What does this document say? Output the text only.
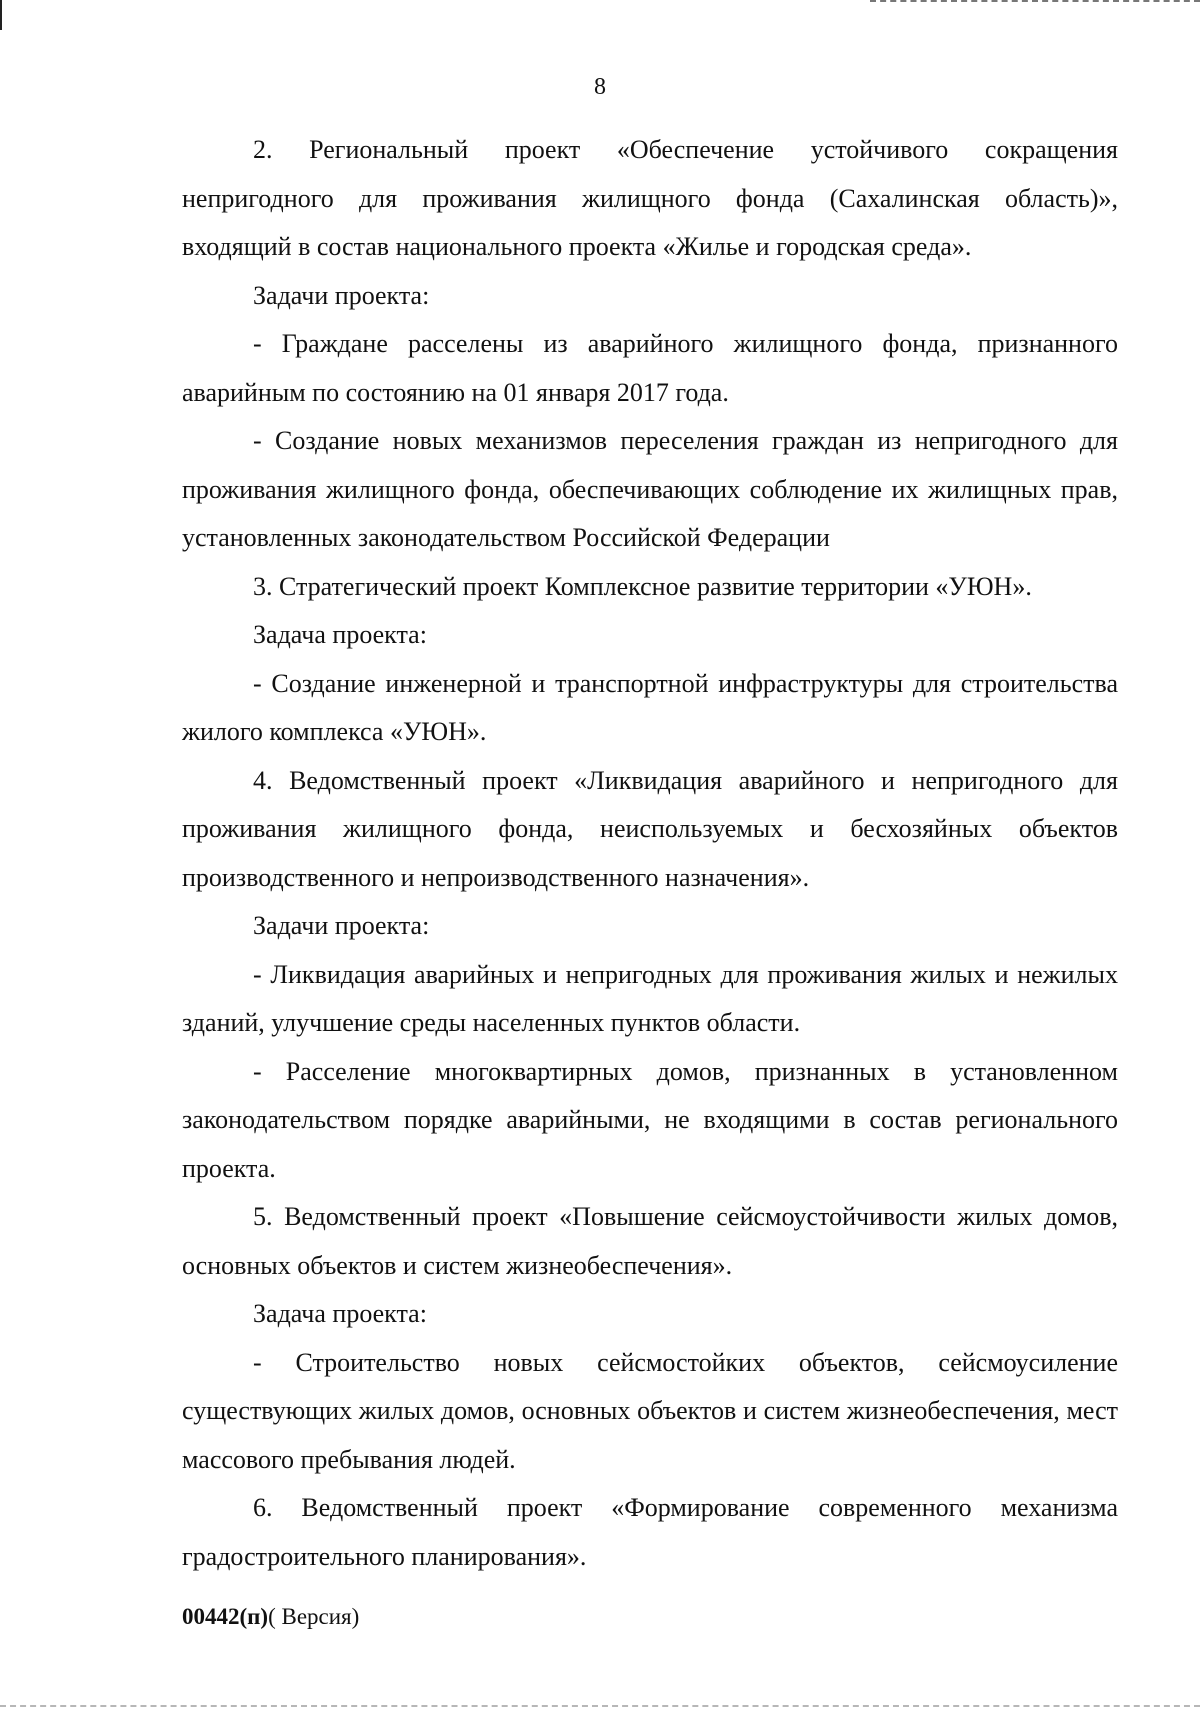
8

2. Региональный проект «Обеспечение устойчивого сокращения непригодного для проживания жилищного фонда (Сахалинская область)», входящий в состав национального проекта «Жилье и городская среда».

Задачи проекта:

- Граждане расселены из аварийного жилищного фонда, признанного аварийным по состоянию на 01 января 2017 года.

- Создание новых механизмов переселения граждан из непригодного для проживания жилищного фонда, обеспечивающих соблюдение их жилищных прав, установленных законодательством Российской Федерации

3. Стратегический проект Комплексное развитие территории «УЮН».

Задача проекта:

- Создание инженерной и транспортной инфраструктуры для строительства жилого комплекса «УЮН».

4. Ведомственный проект «Ликвидация аварийного и непригодного для проживания жилищного фонда, неиспользуемых и бесхозяйных объектов производственного и непроизводственного назначения».

Задачи проекта:

- Ликвидация аварийных и непригодных для проживания жилых и нежилых зданий, улучшение среды населенных пунктов области.

- Расселение многоквартирных домов, признанных в установленном законодательством порядке аварийными, не входящими в состав регионального проекта.

5. Ведомственный проект «Повышение сейсмоустойчивости жилых домов, основных объектов и систем жизнеобеспечения».

Задача проекта:

- Строительство новых сейсмостойких объектов, сейсмоусиление существующих жилых домов, основных объектов и систем жизнеобеспечения, мест массового пребывания людей.

6. Ведомственный проект «Формирование современного механизма градостроительного планирования».

00442(п)( Версия)
